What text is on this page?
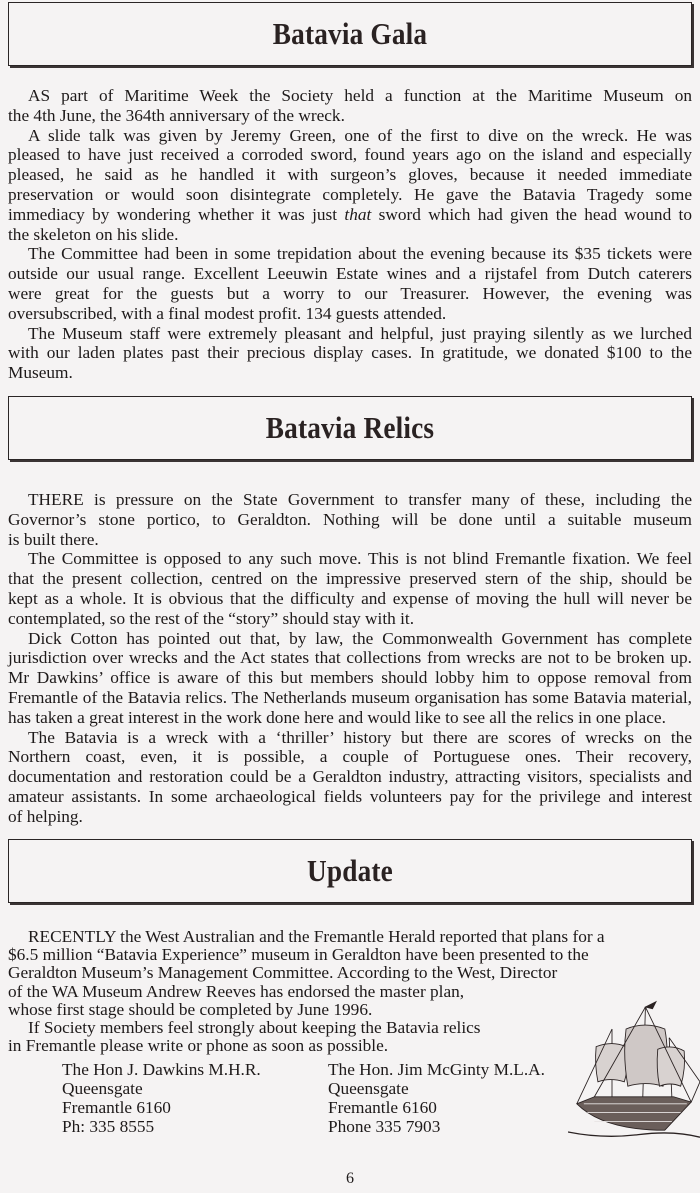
Batavia Gala
AS part of Maritime Week the Society held a function at the Maritime Museum on
the 4th June, the 364th anniversary of the wreck.
A slide talk was given by Jeremy Green, one of the first to dive on the wreck. He was
pleased to have just received a corroded sword, found years ago on the island and especially
pleased, he said as he handled it with surgeon’s gloves, because it needed immediate
preservation or would soon disintegrate completely. He gave the Batavia Tragedy some
immediacy by wondering whether it was just that sword which had given the head wound to
the skeleton on his slide.
The Committee had been in some trepidation about the evening because its $35 tickets were
outside our usual range. Excellent Leeuwin Estate wines and a rijstafel from Dutch caterers
were great for the guests but a worry to our Treasurer. However, the evening was
oversubscribed, with a final modest profit. 134 guests attended.
The Museum staff were extremely pleasant and helpful, just praying silently as we lurched
with our laden plates past their precious display cases. In gratitude, we donated $100 to the
Museum.
Batavia Relics
THERE is pressure on the State Government to transfer many of these, including the
Governor’s stone portico, to Geraldton. Nothing will be done until a suitable museum
is built there.
The Committee is opposed to any such move. This is not blind Fremantle fixation. We feel
that the present collection, centred on the impressive preserved stern of the ship, should be
kept as a whole. It is obvious that the difficulty and expense of moving the hull will never be
contemplated, so the rest of the “story” should stay with it.
Dick Cotton has pointed out that, by law, the Commonwealth Government has complete
jurisdiction over wrecks and the Act states that collections from wrecks are not to be broken up.
Mr Dawkins’ office is aware of this but members should lobby him to oppose removal from
Fremantle of the Batavia relics. The Netherlands museum organisation has some Batavia material,
has taken a great interest in the work done here and would like to see all the relics in one place.
The Batavia is a wreck with a ‘thriller’ history but there are scores of wrecks on the
Northern coast, even, it is possible, a couple of Portuguese ones. Their recovery,
documentation and restoration could be a Geraldton industry, attracting visitors, specialists and
amateur assistants. In some archaeological fields volunteers pay for the privilege and interest
of helping.
Update
RECENTLY the West Australian and the Fremantle Herald reported that plans for a
$6.5 million “Batavia Experience” museum in Geraldton have been presented to the
Geraldton Museum’s Management Committee. According to the West, Director
of the WA Museum Andrew Reeves has endorsed the master plan,
whose first stage should be completed by June 1996.
If Society members feel strongly about keeping the Batavia relics
in Fremantle please write or phone as soon as possible.
The Hon J. Dawkins M.H.R.
Queensgate
Fremantle 6160
Ph: 335 8555
The Hon. Jim McGinty M.L.A.
Queensgate
Fremantle 6160
Phone 335 7903
6
